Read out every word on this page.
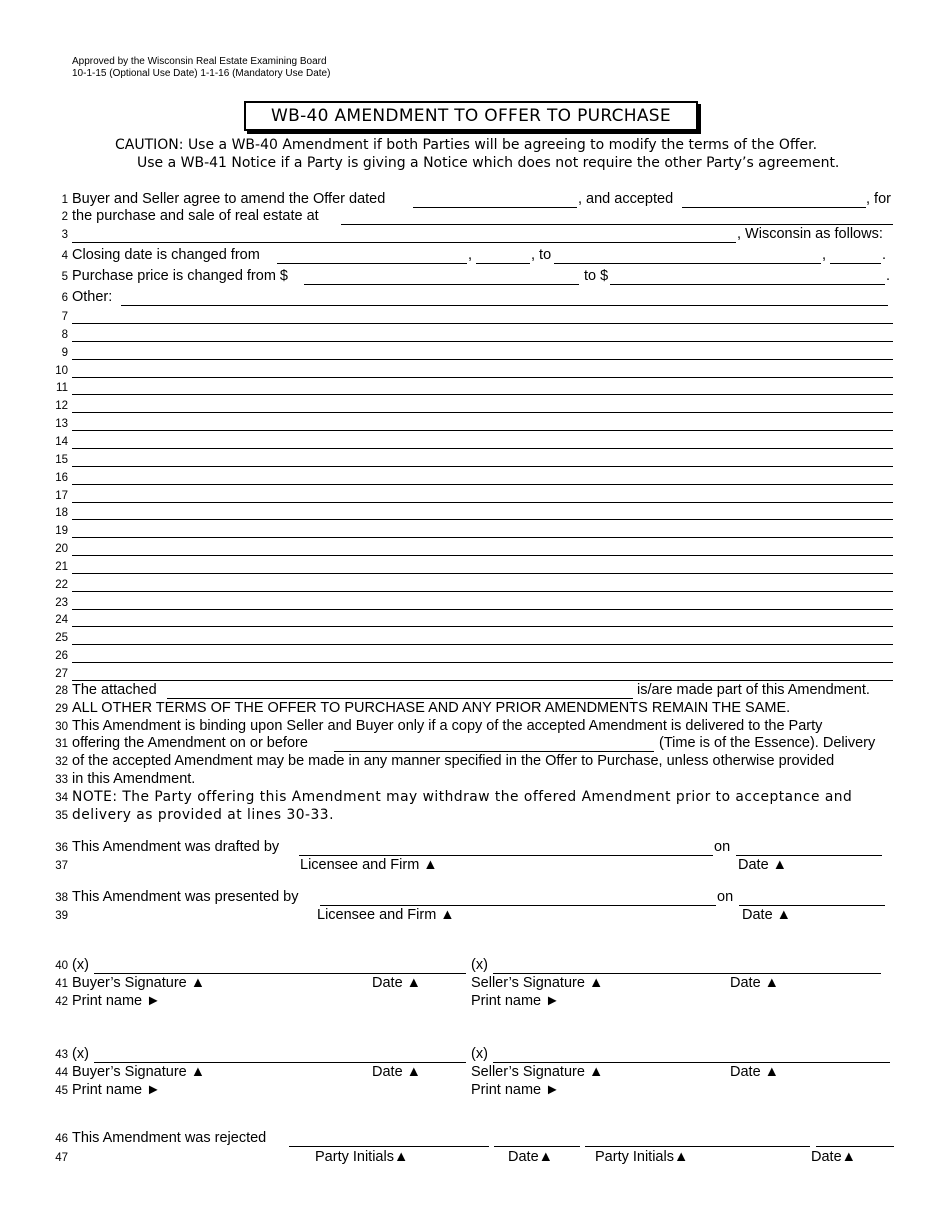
Approved by the Wisconsin Real Estate Examining Board
10-1-15 (Optional Use Date) 1-1-16 (Mandatory Use Date)
WB-40 AMENDMENT TO OFFER TO PURCHASE
CAUTION: Use a WB-40 Amendment if both Parties will be agreeing to modify the terms of the Offer.
Use a WB-41 Notice if a Party is giving a Notice which does not require the other Party’s agreement.
1
2
3
4
5
6
7
8
9
10
11
12
13
14
15
16
17
18
19
20
21
22
23
24
25
26
27
28
29
30
31
32
33
34
35
36
37
38
39
40
41
42
43
44
45
46
47
Buyer and Seller agree to amend the Offer dated	, and accepted	, for
the purchase and sale of real estate at
, Wisconsin as follows:
Closing date is changed from	,	, to	,	.
Purchase price is changed from $	to $	.
Other:
The attached	is/are made part of this Amendment.
ALL OTHER TERMS OF THE OFFER TO PURCHASE AND ANY PRIOR AMENDMENTS REMAIN THE SAME.
This Amendment is binding upon Seller and Buyer only if a copy of the accepted Amendment is delivered to the Party
offering the Amendment on or before	(Time is of the Essence). Delivery
of the accepted Amendment may be made in any manner specified in the Offer to Purchase, unless otherwise provided
in this Amendment.
NOTE: The Party offering this Amendment may withdraw the offered Amendment prior to acceptance and
delivery as provided at lines 30-33.
This Amendment was drafted by	on
Licensee and Firm ▲	Date ▲
This Amendment was presented by	on
Licensee and Firm ▲	Date ▲
(x)	(x)
Buyer’s Signature ▲	Date ▲	Seller’s Signature ▲	Date ▲
Print name ►	Print name ►
(x)	(x)
Buyer’s Signature ▲	Date ▲	Seller’s Signature ▲	Date ▲
Print name ►	Print name ►
This Amendment was rejected
Party Initials▲	Date▲	Party Initials▲	Date▲
